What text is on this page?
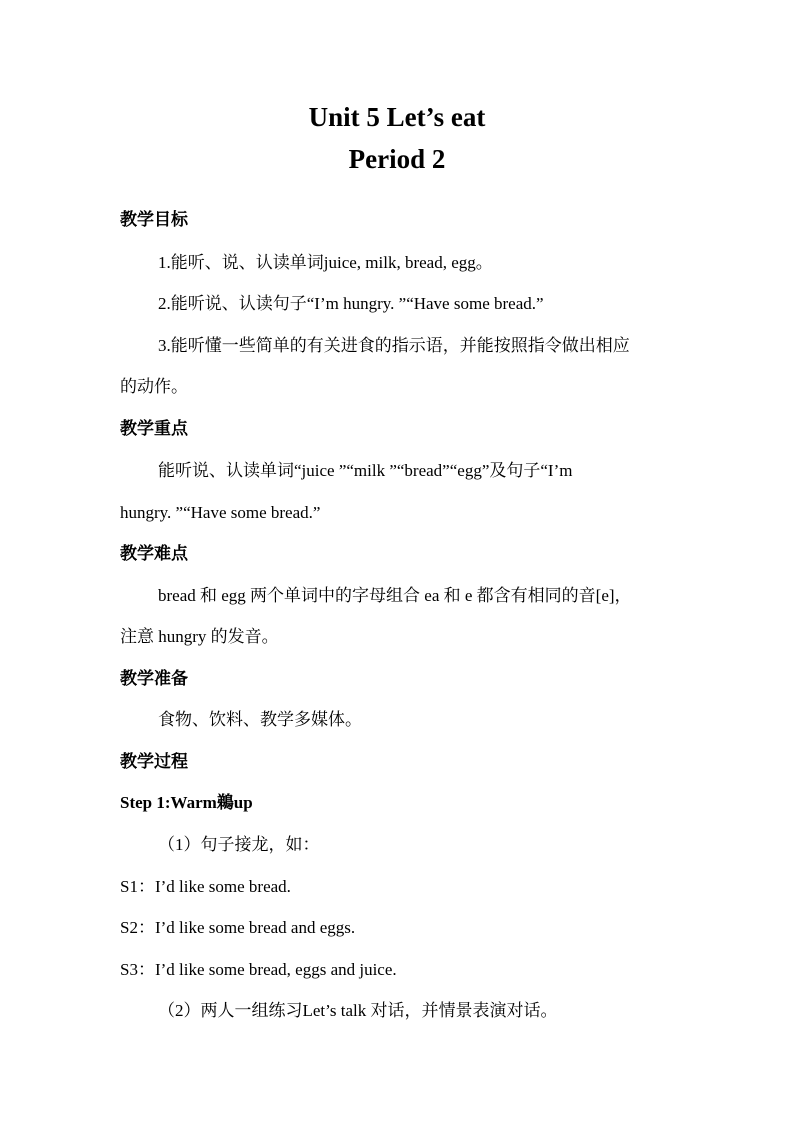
Unit 5 Let’s eat
Period 2
教学目标
1.能听、说、认读单词juice, milk, bread, egg。
2.能听说、认读句子“I’m hungry. ”“Have some bread.”
3.能听懂一些简单的有关进食的指示语，并能按照指令做出相应
的动作。
教学重点
能听说、认读单词“juice ”“milk ”“bread”“egg”及句子“I’m
hungry. ”“Have some bread.”
教学难点
bread 和 egg 两个单词中的字母组合 ea 和 e 都含有相同的音[e]，
注意 hungry 的发音。
教学准备
食物、饮料、教学多媒体。
教学过程
Step 1:Warm鵜up
（1）句子接龙，如：
S1：I’d like some bread.
S2：I’d like some bread and eggs.
S3：I’d like some bread, eggs and juice.
（2）两人一组练习Let’s talk 对话，并情景表演对话。
